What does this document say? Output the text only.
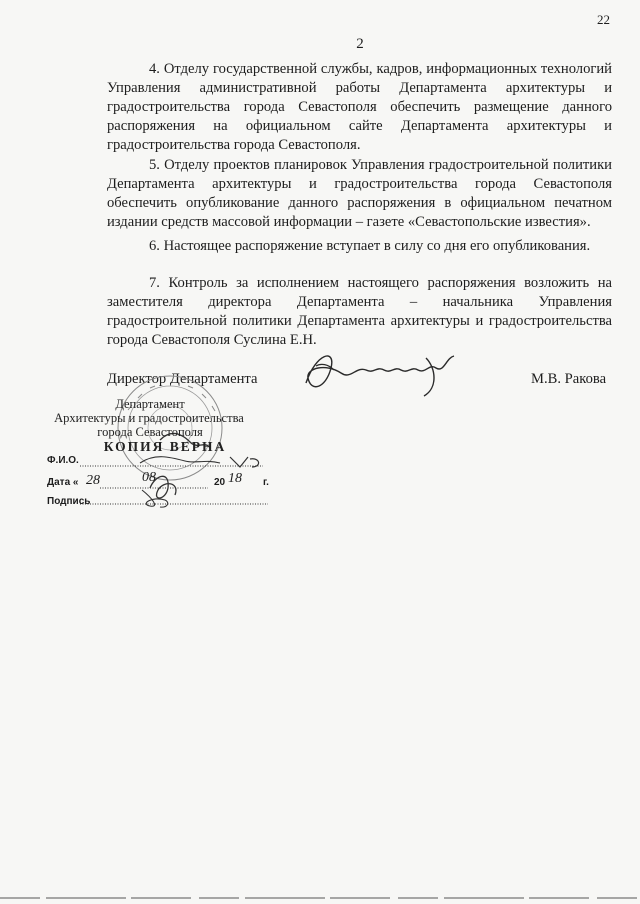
22
2

4. Отделу государственной службы, кадров, информационных технологий Управления административной работы Департамента архитектуры и градостроительства города Севастополя обеспечить размещение данного распоряжения на официальном сайте Департамента архитектуры и градостроительства города Севастополя.

5. Отделу проектов планировок Управления градостроительной политики Департамента архитектуры и градостроительства города Севастополя обеспечить опубликование данного распоряжения в официальном печатном издании средств массовой информации – газете «Севастопольские известия».

6. Настоящее распоряжение вступает в силу со дня его опубликования.

7. Контроль за исполнением настоящего распоряжения возложить на заместителя директора Департамента – начальника Управления градостроительной политики Департамента архитектуры и градостроительства города Севастополя Суслина Е.Н.

Директор Департамента	М.В. Ракова
Департамент
Архитектуры и градостроительства
города Севастополя
КОПИЯ ВЕРНА
Ф.И.О.
Дата « 28	08	20 18 г.
Подпись
